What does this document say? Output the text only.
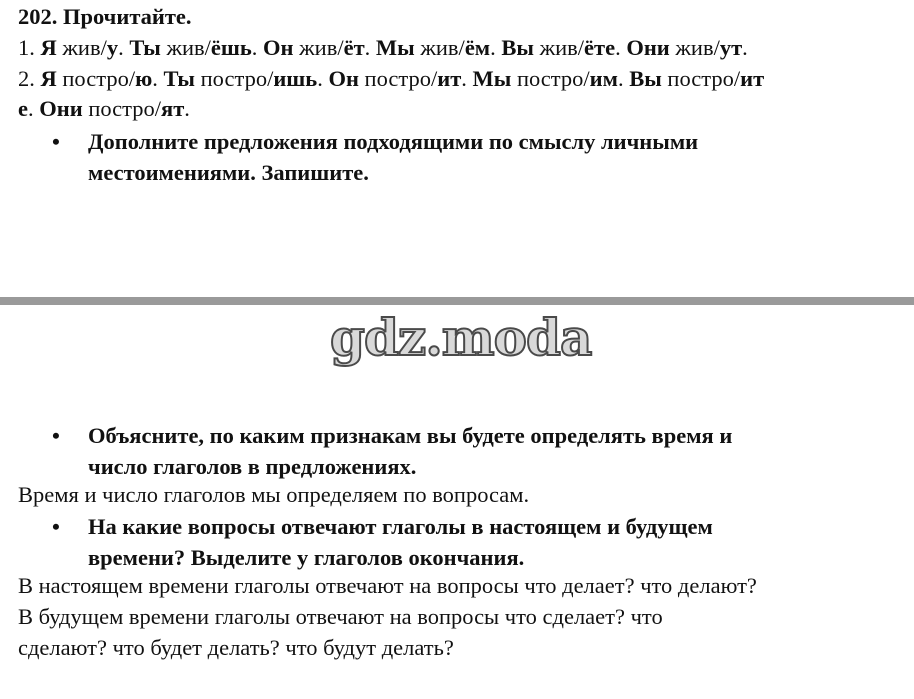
202. Прочитайте.
1. Я жив/у. Ты жив/ёшь. Он жив/ёт. Мы жив/ём. Вы жив/ёте. Они жив/ут.
2. Я постро/ю. Ты постро/ишь. Он постро/ит. Мы постро/им. Вы постро/ит
е. Они постро/ят.
•	Дополните предложения подходящими по смыслу личными
местоимениями. Запишите.
gdz.moda
•	Объясните, по каким признакам вы будете определять время и
число глаголов в предложениях.
Время и число глаголов мы определяем по вопросам.
•	На какие вопросы отвечают глаголы в настоящем и будущем
времени? Выделите у глаголов окончания.
В настоящем времени глаголы отвечают на вопросы что делает? что делают?
В будущем времени глаголы отвечают на вопросы что сделает? что
сделают? что будет делать? что будут делать?
